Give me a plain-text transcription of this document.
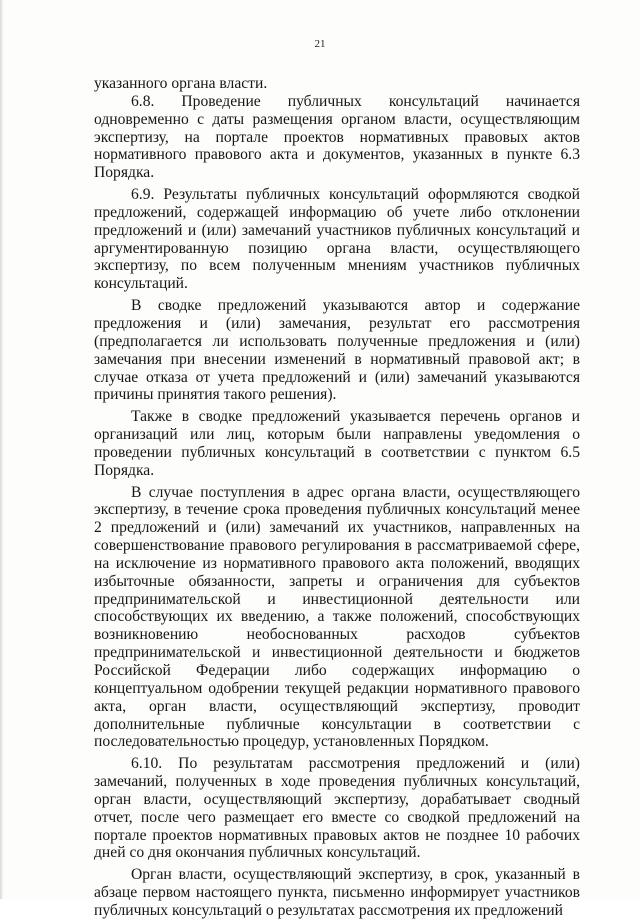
21

указанного органа власти.

6.8. Проведение публичных консультаций начинается одновременно с даты размещения органом власти, осуществляющим экспертизу, на портале проектов нормативных правовых актов нормативного правового акта и документов, указанных в пункте 6.3 Порядка.

6.9. Результаты публичных консультаций оформляются сводкой предложений, содержащей информацию об учете либо отклонении предложений и (или) замечаний участников публичных консультаций и аргументированную позицию органа власти, осуществляющего экспертизу, по всем полученным мнениям участников публичных консультаций.

В сводке предложений указываются автор и содержание предложения и (или) замечания, результат его рассмотрения (предполагается ли использовать полученные предложения и (или) замечания при внесении изменений в нормативный правовой акт; в случае отказа от учета предложений и (или) замечаний указываются причины принятия такого решения).

Также в сводке предложений указывается перечень органов и организаций или лиц, которым были направлены уведомления о проведении публичных консультаций в соответствии с пунктом 6.5 Порядка.

В случае поступления в адрес органа власти, осуществляющего экспертизу, в течение срока проведения публичных консультаций менее 2 предложений и (или) замечаний их участников, направленных на совершенствование правового регулирования в рассматриваемой сфере, на исключение из нормативного правового акта положений, вводящих избыточные обязанности, запреты и ограничения для субъектов предпринимательской и инвестиционной деятельности или способствующих их введению, а также положений, способствующих возникновению необоснованных расходов субъектов предпринимательской и инвестиционной деятельности и бюджетов Российской Федерации либо содержащих информацию о концептуальном одобрении текущей редакции нормативного правового акта, орган власти, осуществляющий экспертизу, проводит дополнительные публичные консультации в соответствии с последовательностью процедур, установленных Порядком.

6.10. По результатам рассмотрения предложений и (или) замечаний, полученных в ходе проведения публичных консультаций, орган власти, осуществляющий экспертизу, дорабатывает сводный отчет, после чего размещает его вместе со сводкой предложений на портале проектов нормативных правовых актов не позднее 10 рабочих дней со дня окончания публичных консультаций.

Орган власти, осуществляющий экспертизу, в срок, указанный в абзаце первом настоящего пункта, письменно информирует участников публичных консультаций о результатах рассмотрения их предложений
